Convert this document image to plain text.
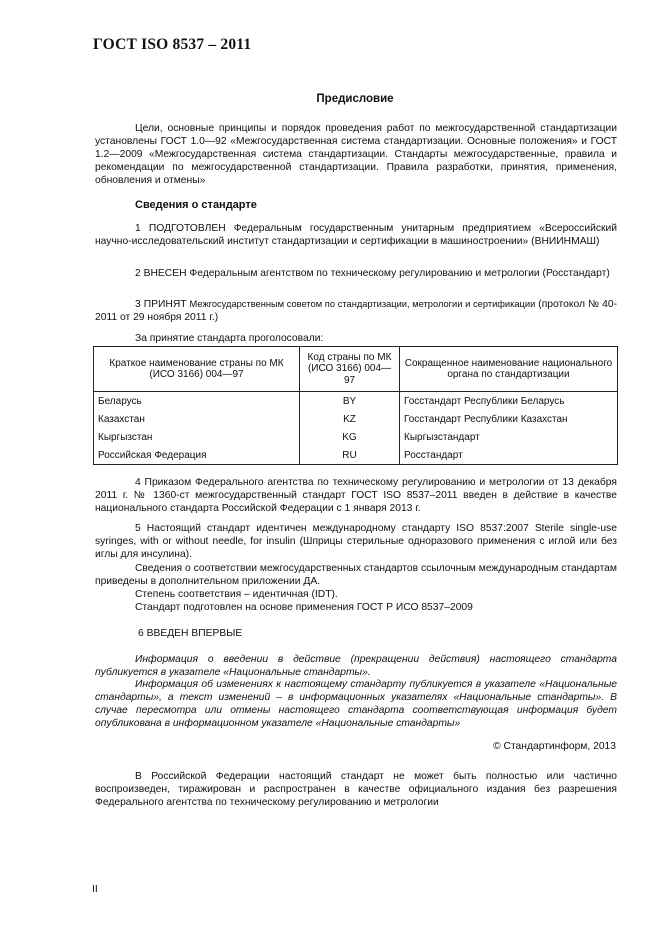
ГОСТ ISO 8537 – 2011
Предисловие
Цели, основные принципы и порядок проведения работ по межгосударственной стандартизации установлены ГОСТ 1.0—92 «Межгосударственная система стандартизации. Основные положения» и ГОСТ 1.2—2009 «Межгосударственная система стандартизации. Стандарты межгосударственные, правила и рекомендации по межгосударственной стандартизации. Правила разработки, принятия, применения, обновления и отмены»
Сведения о стандарте
1 ПОДГОТОВЛЕН Федеральным государственным унитарным предприятием «Всероссийский научно-исследовательский институт стандартизации и сертификации в машиностроении» (ВНИИНМАШ)
2 ВНЕСЕН Федеральным агентством по техническому регулированию и метрологии (Росстандарт)
3 ПРИНЯТ Межгосударственным советом по стандартизации, метрологии и сертификации (протокол № 40-2011 от 29 ноября 2011 г.)
За принятие стандарта проголосовали:
Краткое наименование страны по МК (ИСО 3166) 004—97	Код страны по МК (ИСО 3166) 004—97	Сокращенное наименование национального органа по стандартизации
Беларусь	BY	Госстандарт Республики Беларусь
Казахстан	KZ	Госстандарт Республики Казахстан
Кыргызстан	KG	Кыргызстандарт
Российская Федерация	RU	Росстандарт
4 Приказом Федерального агентства по техническому регулированию и метрологии от 13 декабря 2011 г. № 1360-ст межгосударственный стандарт ГОСТ ISO 8537–2011 введен в действие в качестве национального стандарта Российской Федерации с 1 января 2013 г.
5 Настоящий стандарт идентичен международному стандарту ISO 8537:2007 Sterile single-use syringes, with or without needle, for insulin (Шприцы стерильные одноразового применения с иглой или без иглы для инсулина).
Сведения о соответствии межгосударственных стандартов ссылочным международным стандартам приведены в дополнительном приложении ДА.
Степень соответствия – идентичная (IDT).
Стандарт подготовлен на основе применения ГОСТ Р ИСО 8537–2009
6 ВВЕДЕН ВПЕРВЫЕ
Информация о введении в действие (прекращении действия) настоящего стандарта публикуется в указателе «Национальные стандарты».
Информация об изменениях к настоящему стандарту публикуется в указателе «Национальные стандарты», а текст изменений – в информационных указателях «Национальные стандарты». В случае пересмотра или отмены настоящего стандарта соответствующая информация будет опубликована в информационном указателе «Национальные стандарты»
© Стандартинформ, 2013
В Российской Федерации настоящий стандарт не может быть полностью или частично воспроизведен, тиражирован и распространен в качестве официального издания без разрешения Федерального агентства по техническому регулированию и метрологии
II
